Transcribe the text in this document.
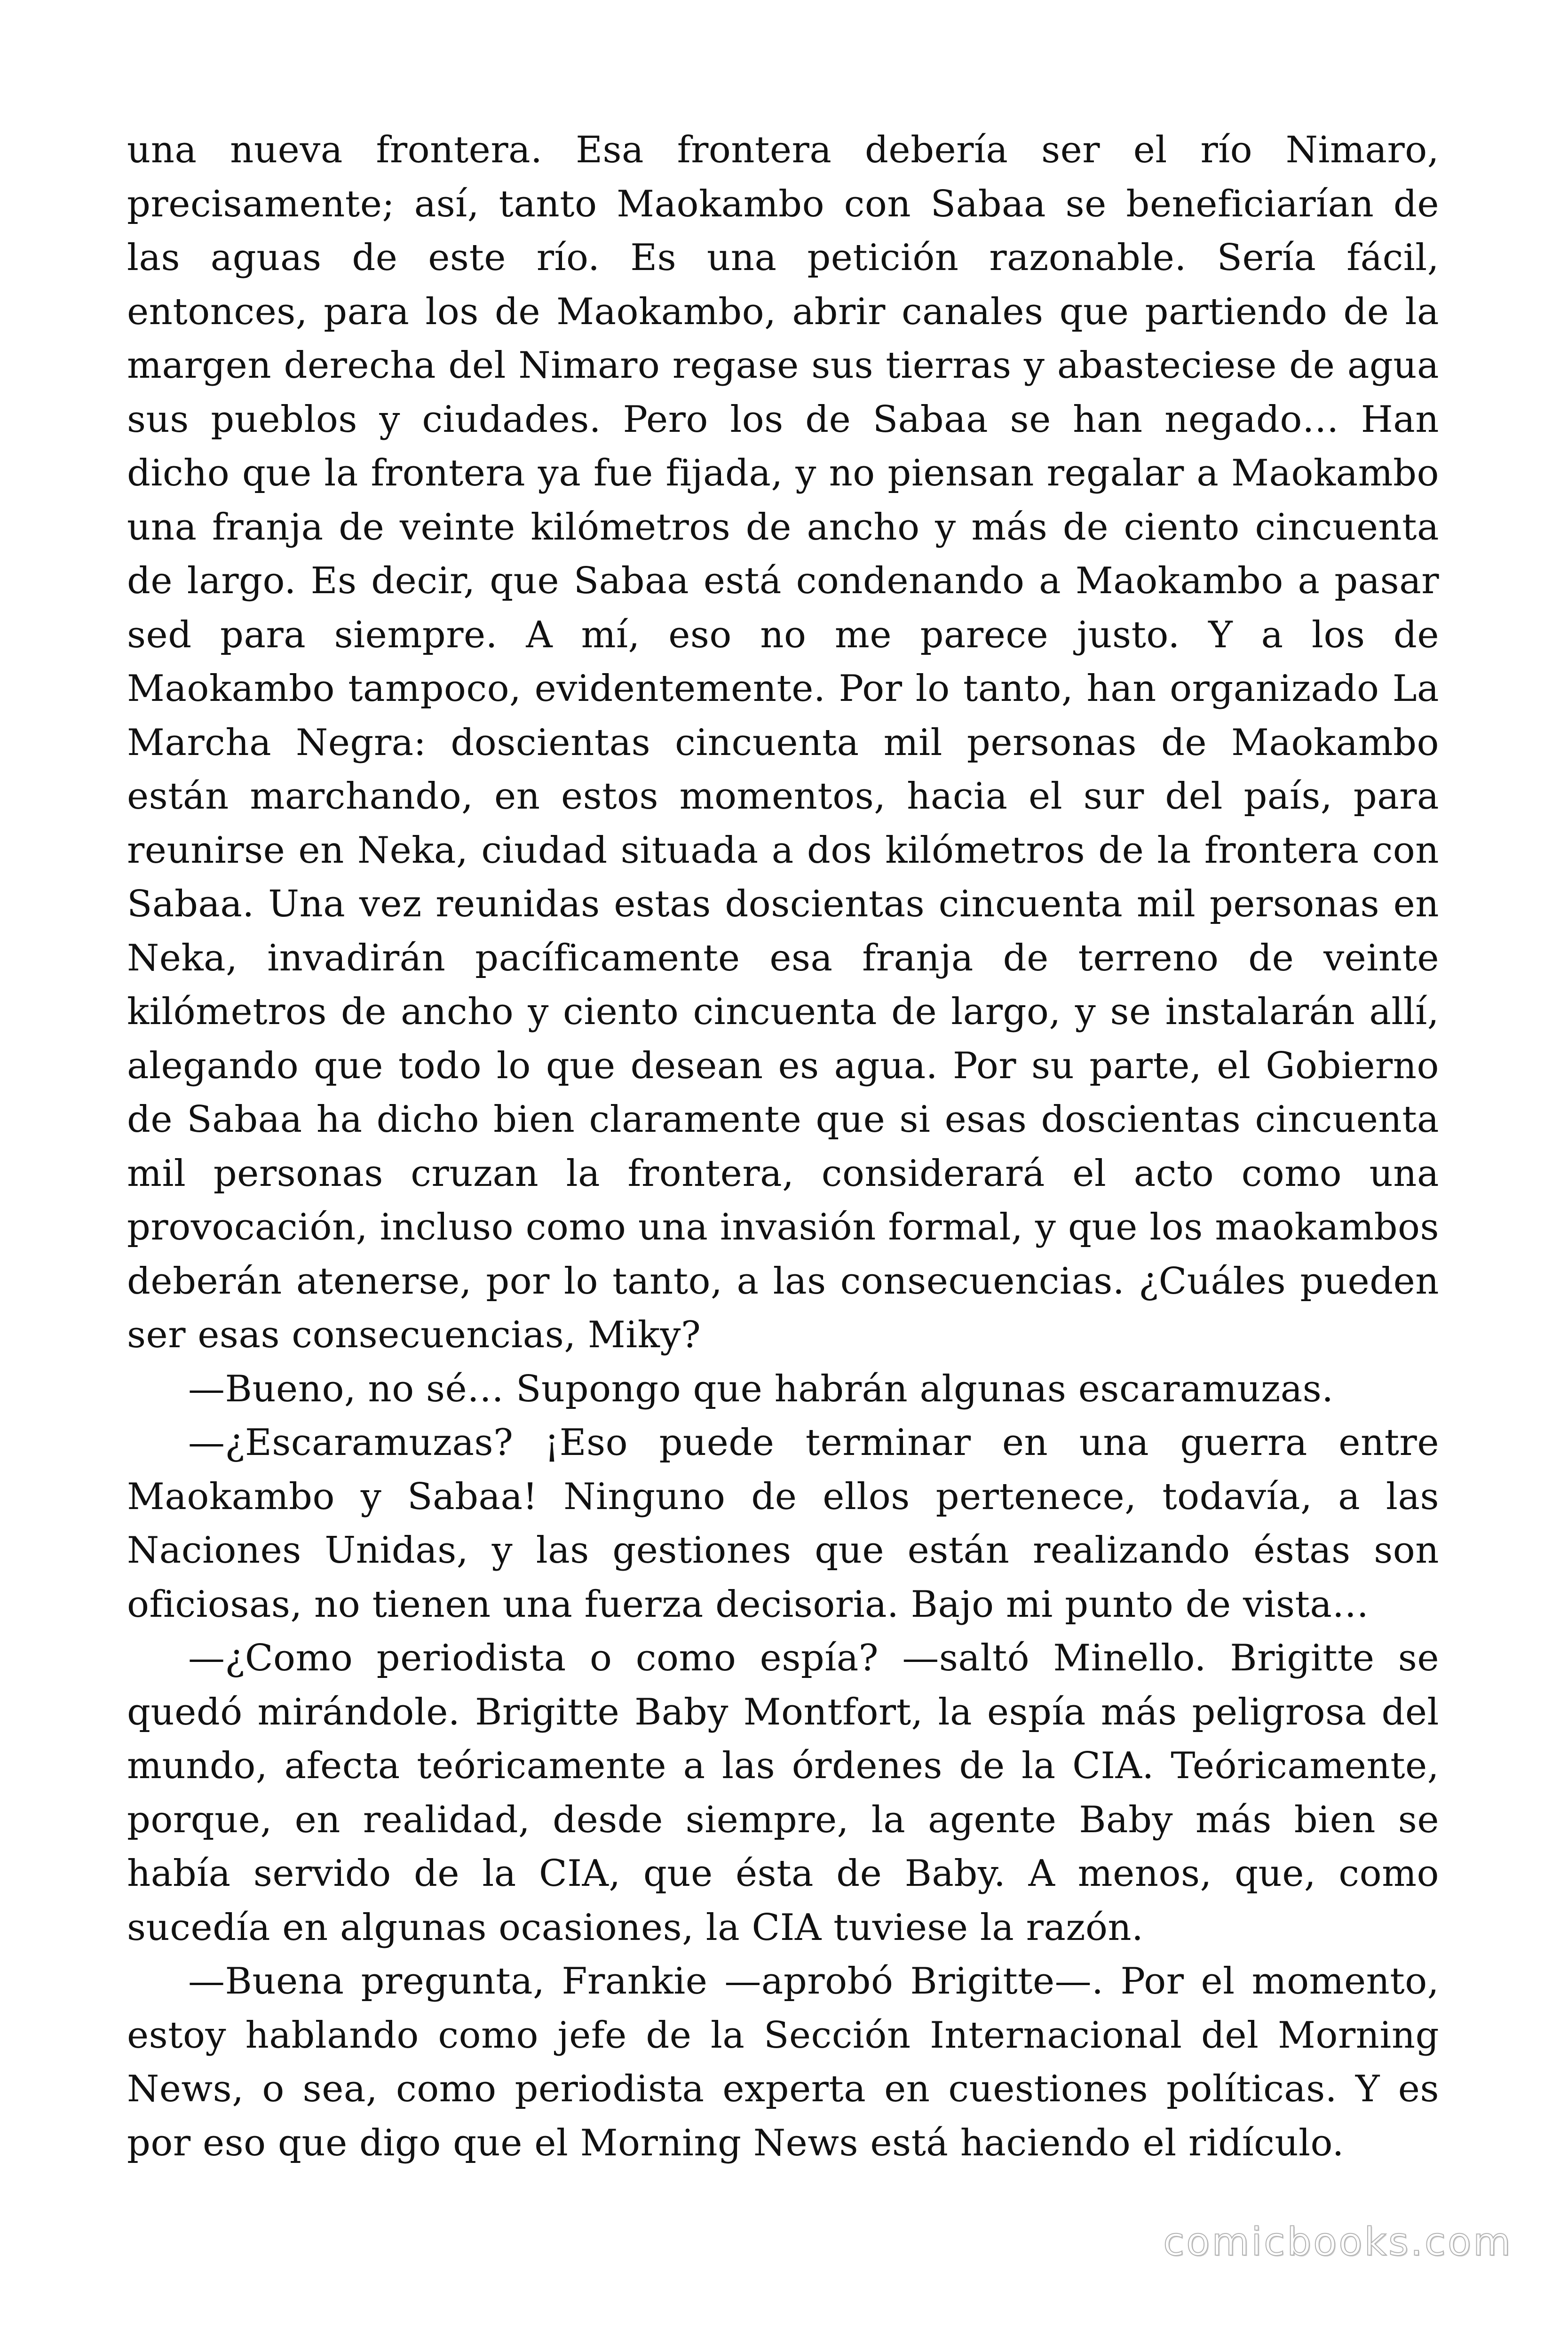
una nueva frontera. Esa frontera debería ser el río Nimaro, precisamente; así, tanto Maokambo con Sabaa se beneficiarían de las aguas de este río. Es una petición razonable. Sería fácil, entonces, para los de Maokambo, abrir canales que partiendo de la margen derecha del Nimaro regase sus tierras y abasteciese de agua sus pueblos y ciudades. Pero los de Sabaa se han negado… Han dicho que la frontera ya fue fijada, y no piensan regalar a Maokambo una franja de veinte kilómetros de ancho y más de ciento cincuenta de largo. Es decir, que Sabaa está condenando a Maokambo a pasar sed para siempre. A mí, eso no me parece justo. Y a los de Maokambo tampoco, evidentemente. Por lo tanto, han organizado La Marcha Negra: doscientas cincuenta mil personas de Maokambo están marchando, en estos momentos, hacia el sur del país, para reunirse en Neka, ciudad situada a dos kilómetros de la frontera con Sabaa. Una vez reunidas estas doscientas cincuenta mil personas en Neka, invadirán pacíficamente esa franja de terreno de veinte kilómetros de ancho y ciento cincuenta de largo, y se instalarán allí, alegando que todo lo que desean es agua. Por su parte, el Gobierno de Sabaa ha dicho bien claramente que si esas doscientas cincuenta mil personas cruzan la frontera, considerará el acto como una provocación, incluso como una invasión formal, y que los maokambos deberán atenerse, por lo tanto, a las consecuencias. ¿Cuáles pueden ser esas consecuencias, Miky?

—Bueno, no sé… Supongo que habrán algunas escaramuzas.

—¿Escaramuzas? ¡Eso puede terminar en una guerra entre Maokambo y Sabaa! Ninguno de ellos pertenece, todavía, a las Naciones Unidas, y las gestiones que están realizando éstas son oficiosas, no tienen una fuerza decisoria. Bajo mi punto de vista…

—¿Como periodista o como espía? —saltó Minello. Brigitte se quedó mirándole. Brigitte Baby Montfort, la espía más peligrosa del mundo, afecta teóricamente a las órdenes de la CIA. Teóricamente, porque, en realidad, desde siempre, la agente Baby más bien se había servido de la CIA, que ésta de Baby. A menos, que, como sucedía en algunas ocasiones, la CIA tuviese la razón.

—Buena pregunta, Frankie —aprobó Brigitte—. Por el momento, estoy hablando como jefe de la Sección Internacional del Morning News, o sea, como periodista experta en cuestiones políticas. Y es por eso que digo que el Morning News está haciendo el ridículo.

comicbooks.com
